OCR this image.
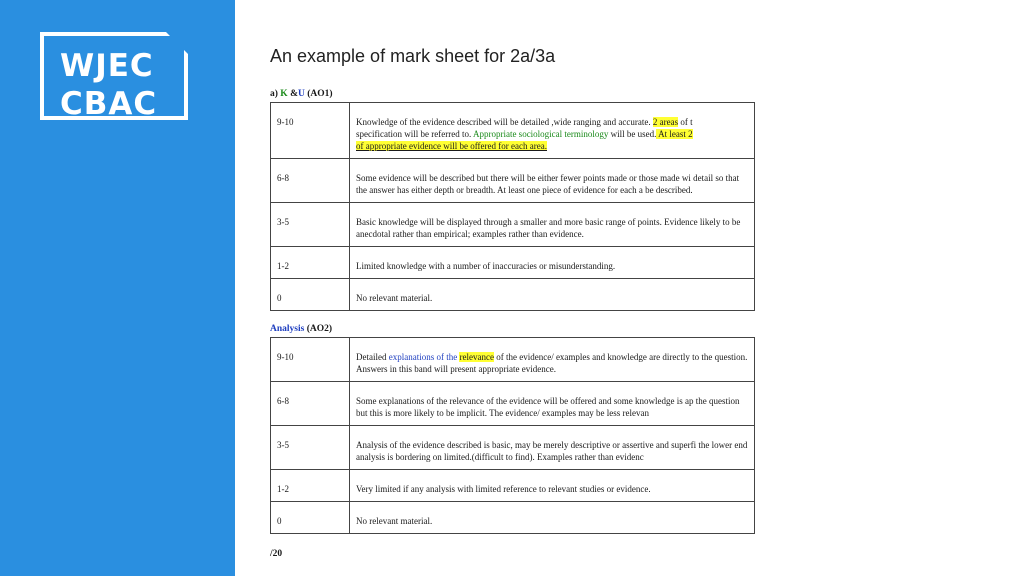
WJEC
CBAC
An example of mark sheet for 2a/3a

a) K &U (AO1)

9-10	Knowledge of the evidence described will be detailed ,wide ranging and accurate. 2 areas of t
specification will be referred to. Appropriate sociological terminology will be used. At least 2
of appropriate evidence will be offered for each area.
6-8	Some evidence will be described but there will be either fewer points made or those made wi detail so that the answer has either depth or breadth. At least one piece of evidence for each a be described.
3-5	Basic knowledge will be displayed through a smaller and more basic range of points. Evidence likely to be anecdotal rather than empirical; examples rather than evidence.
1-2	Limited knowledge with a number of inaccuracies or misunderstanding.
0	No relevant material.

Analysis (AO2)

9-10	Detailed explanations of the relevance of the evidence/ examples and knowledge are directly to the question. Answers in this band will present appropriate evidence.
6-8	Some explanations of the relevance of the evidence will be offered and some knowledge is ap the question but this is more likely to be implicit. The evidence/ examples may be less relevan
3-5	Analysis of the evidence described is basic, may be merely descriptive or assertive and superfi the lower end analysis is bordering on limited.(difficult to find). Examples rather than evidenc
1-2	Very limited if any analysis with limited reference to relevant studies or evidence.
0	No relevant material.
/20
